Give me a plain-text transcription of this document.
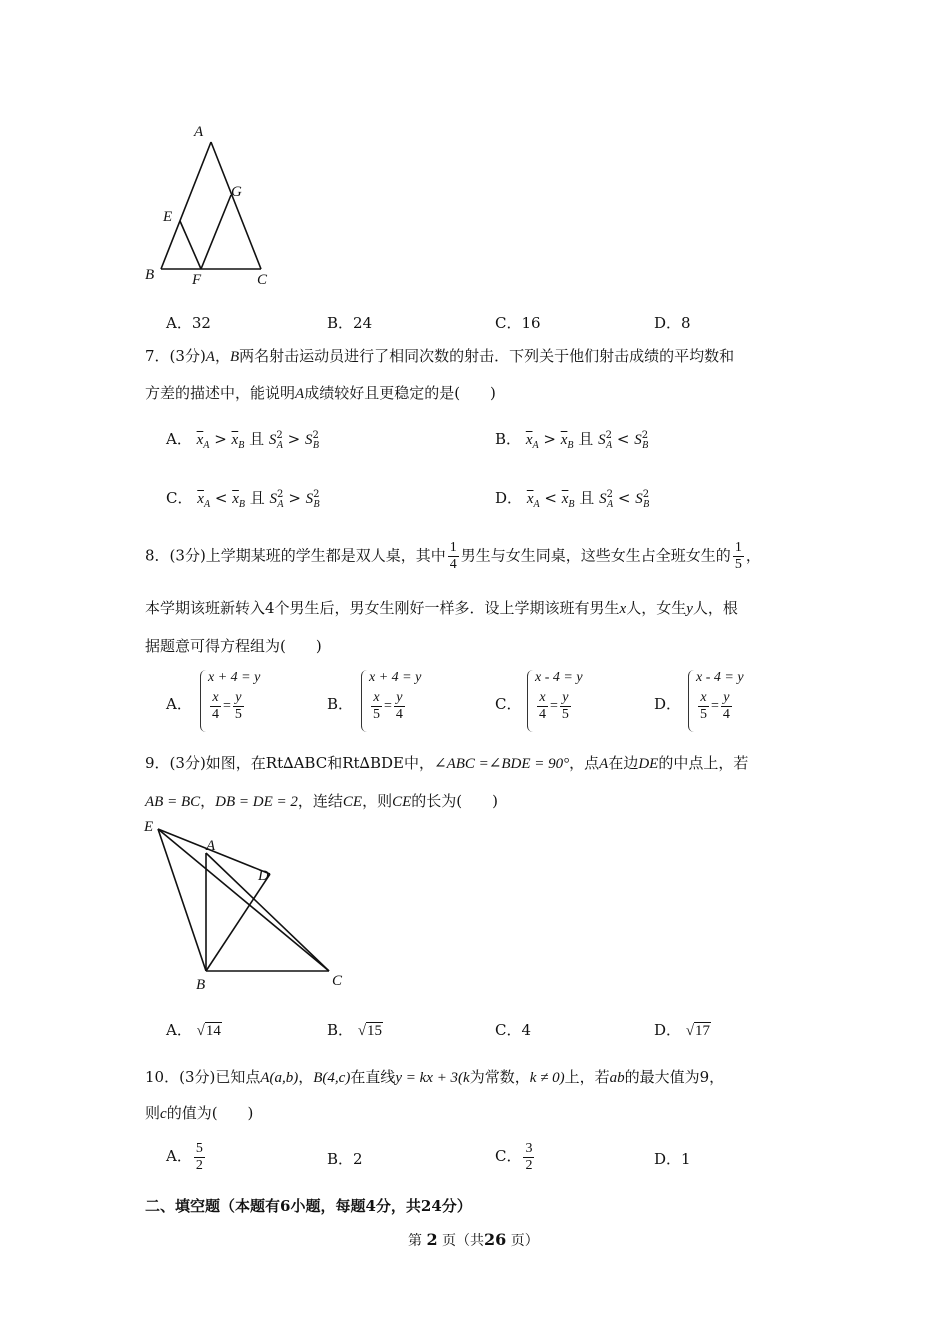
A
G
E
B	F	C
A．32	B．24	C．16	D．8
7．(3分)A，B两名射击运动员进行了相同次数的射击．下列关于他们射击成绩的平均数和
方差的描述中，能说明A成绩较好且更稳定的是(　　)
A． $\overline{x}_A > \overline{x}_B$ 且 $S^2_A > S^2_B$	B． $\overline{x}_A > \overline{x}_B$ 且 $S^2_A < S^2_B$
C． $\overline{x}_A < \overline{x}_B$ 且 $S^2_A > S^2_B$	D． $\overline{x}_A < \overline{x}_B$ 且 $S^2_A < S^2_B$
8．(3分)上学期某班的学生都是双人桌，其中 $\frac{1}{4}$ 男生与女生同桌，这些女生占全班女生的 $\frac{1}{5}$ ，
本学期该班新转入4个男生后，男女生刚好一样多．设上学期该班有男生x人，女生y人，根
据题意可得方程组为(　　)
A．
x + 4 = y
$\frac{x}{4} = \frac{y}{5}$	B．
x + 4 = y
$\frac{x}{5} = \frac{y}{4}$	C．
x - 4 = y
$\frac{x}{4} = \frac{y}{5}$	D．
x - 4 = y
$\frac{x}{5} = \frac{y}{4}$
9．(3分)如图，在Rt∆ABC和Rt∆BDE中，∠ABC =∠BDE = 90°，点A在边DE的中点上，若
AB = BC，DB = DE = 2，连结CE，则CE的长为(　　)
E
A
D
B	C
A． √14	B． √15	C．4	D． √17
10．(3分)已知点A(a,b)，B(4,c)在直线y = kx + 3(k为常数，k ≠ 0)上，若ab的最大值为9，
则c的值为(　　)
A． $\frac{5}{2}$	B．2	C． $\frac{3}{2}$	D．1
二、填空题（本题有6小题，每题4分，共24分）
第 2 页（共26 页）
